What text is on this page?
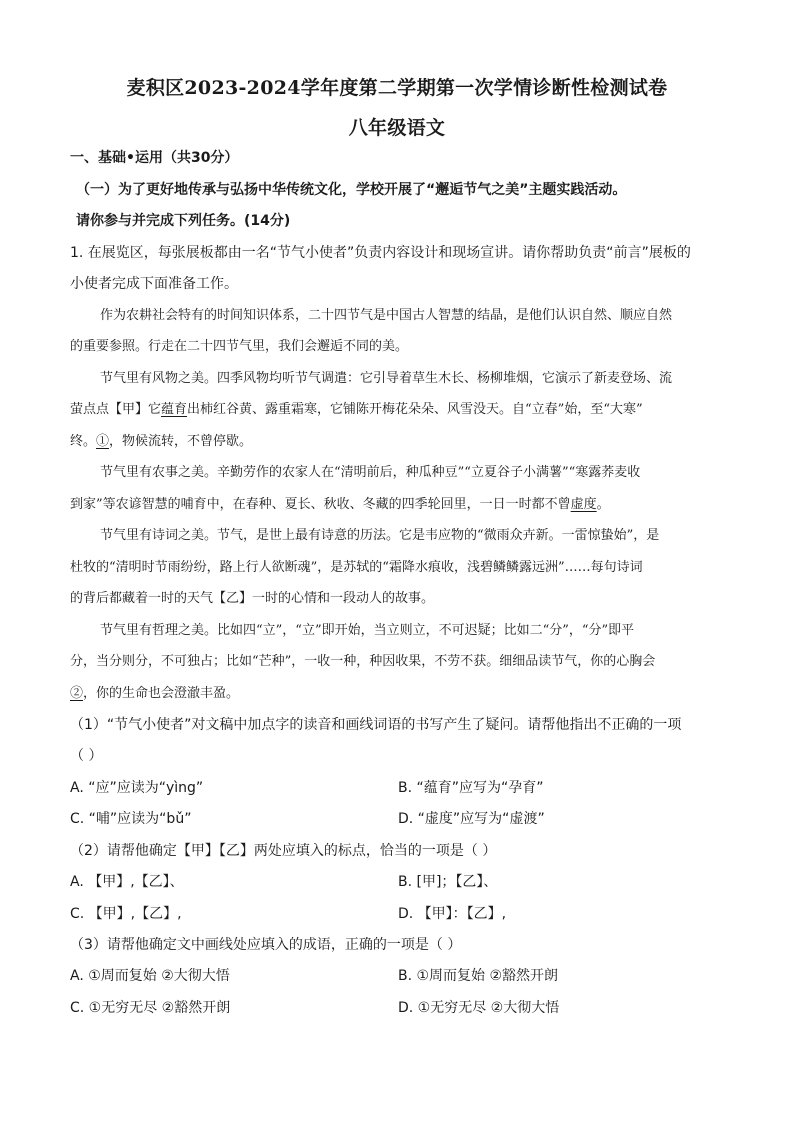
麦积区2023-2024学年度第二学期第一次学情诊断性检测试卷
八年级语文
一、基础•运用（共30分）
（一）为了更好地传承与弘扬中华传统文化，学校开展了“邂逅节气之美”主题实践活动。
请你参与并完成下列任务。(14分)
1. 在展览区，每张展板都由一名“节气小使者”负责内容设计和现场宣讲。请你帮助负责“前言”展板的
小使者完成下面准备工作。
作为农耕社会特有的时间知识体系，二十四节气是中国古人智慧的结晶，是他们认识自然、顺应自然
的重要参照。行走在二十四节气里，我们会邂逅不同的美。
节气里有风物之美。四季风物均听节气调遣：它引导着草生木长、杨柳堆烟，它演示了新麦登场、流
萤点点【甲】它蕴育出柿红谷黄、露重霜寒，它铺陈开梅花朵朵、风雪没天。自“立春”始，至“大寒”
终。①，物候流转，不曾停歇。
节气里有农事之美。辛勤劳作的农家人在“清明前后，种瓜种豆”“立夏谷子小满薯”“寒露荞麦收
到家”等农谚智慧的哺育中，在春种、夏长、秋收、冬藏的四季轮回里，一日一时都不曾虚度。
节气里有诗词之美。节气，是世上最有诗意的历法。它是韦应物的“微雨众卉新。一雷惊蛰始”，是
杜牧的“清明时节雨纷纷，路上行人欲断魂”，是苏轼的“霜降水痕收，浅碧鳞鳞露远洲”……每句诗词
的背后都藏着一时的天气【乙】一时的心情和一段动人的故事。
节气里有哲理之美。比如四“立”，“立”即开始，当立则立，不可迟疑；比如二“分”，“分”即平
分，当分则分，不可独占；比如“芒种”，一收一种，种因收果，不劳不获。细细品读节气，你的心胸会
②，你的生命也会澄澈丰盈。
（1）“节气小使者”对文稿中加点字的读音和画线词语的书写产生了疑问。请帮他指出不正确的一项
（ ）
A. “应”应读为“yìng”	B. “蕴育”应写为“孕育”
C. “哺”应读为“bǔ”	D. “虚度”应写为“虚渡”
（2）请帮他确定【甲】【乙】两处应填入的标点，恰当的一项是（ ）
A. 【甲】,【乙】、	B. [甲]；【乙】、
C. 【甲】,【乙】,	D. 【甲】：【乙】,
（3）请帮他确定文中画线处应填入的成语，正确的一项是（ ）
A. ①周而复始 ②大彻大悟	B. ①周而复始 ②豁然开朗
C. ①无穷无尽 ②豁然开朗	D. ①无穷无尽 ②大彻大悟
